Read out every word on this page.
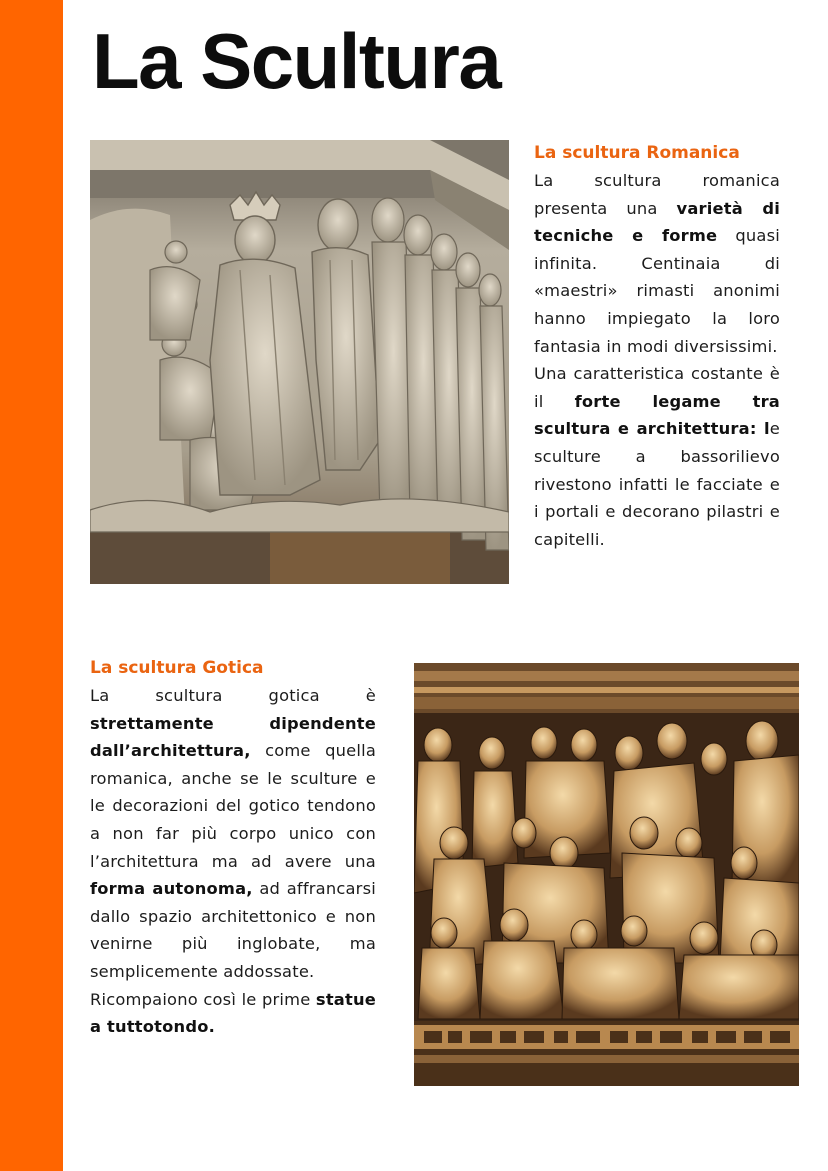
La Scultura
La scultura Romanica
La scultura romanica presenta una varietà di tecniche e forme quasi infinita. Centinaia di «maestri» rimasti anonimi hanno impiegato la loro fantasia in modi diversissimi.
Una caratteristica costante è il forte legame tra scultura e architettura: le sculture a bassorilievo rivestono infatti le facciate e i portali e decorano pilastri e capitelli.
La scultura Gotica
La scultura gotica è strettamente dipendente dall’architettura, come quella romanica, anche se le sculture e le decorazioni del gotico tendono a non far più corpo unico con l’architettura ma ad avere una forma autonoma, ad affrancarsi dallo spazio architettonico e non venirne più inglobate, ma semplicemente addossate.
Ricompaiono così le prime statue a tuttotondo.
